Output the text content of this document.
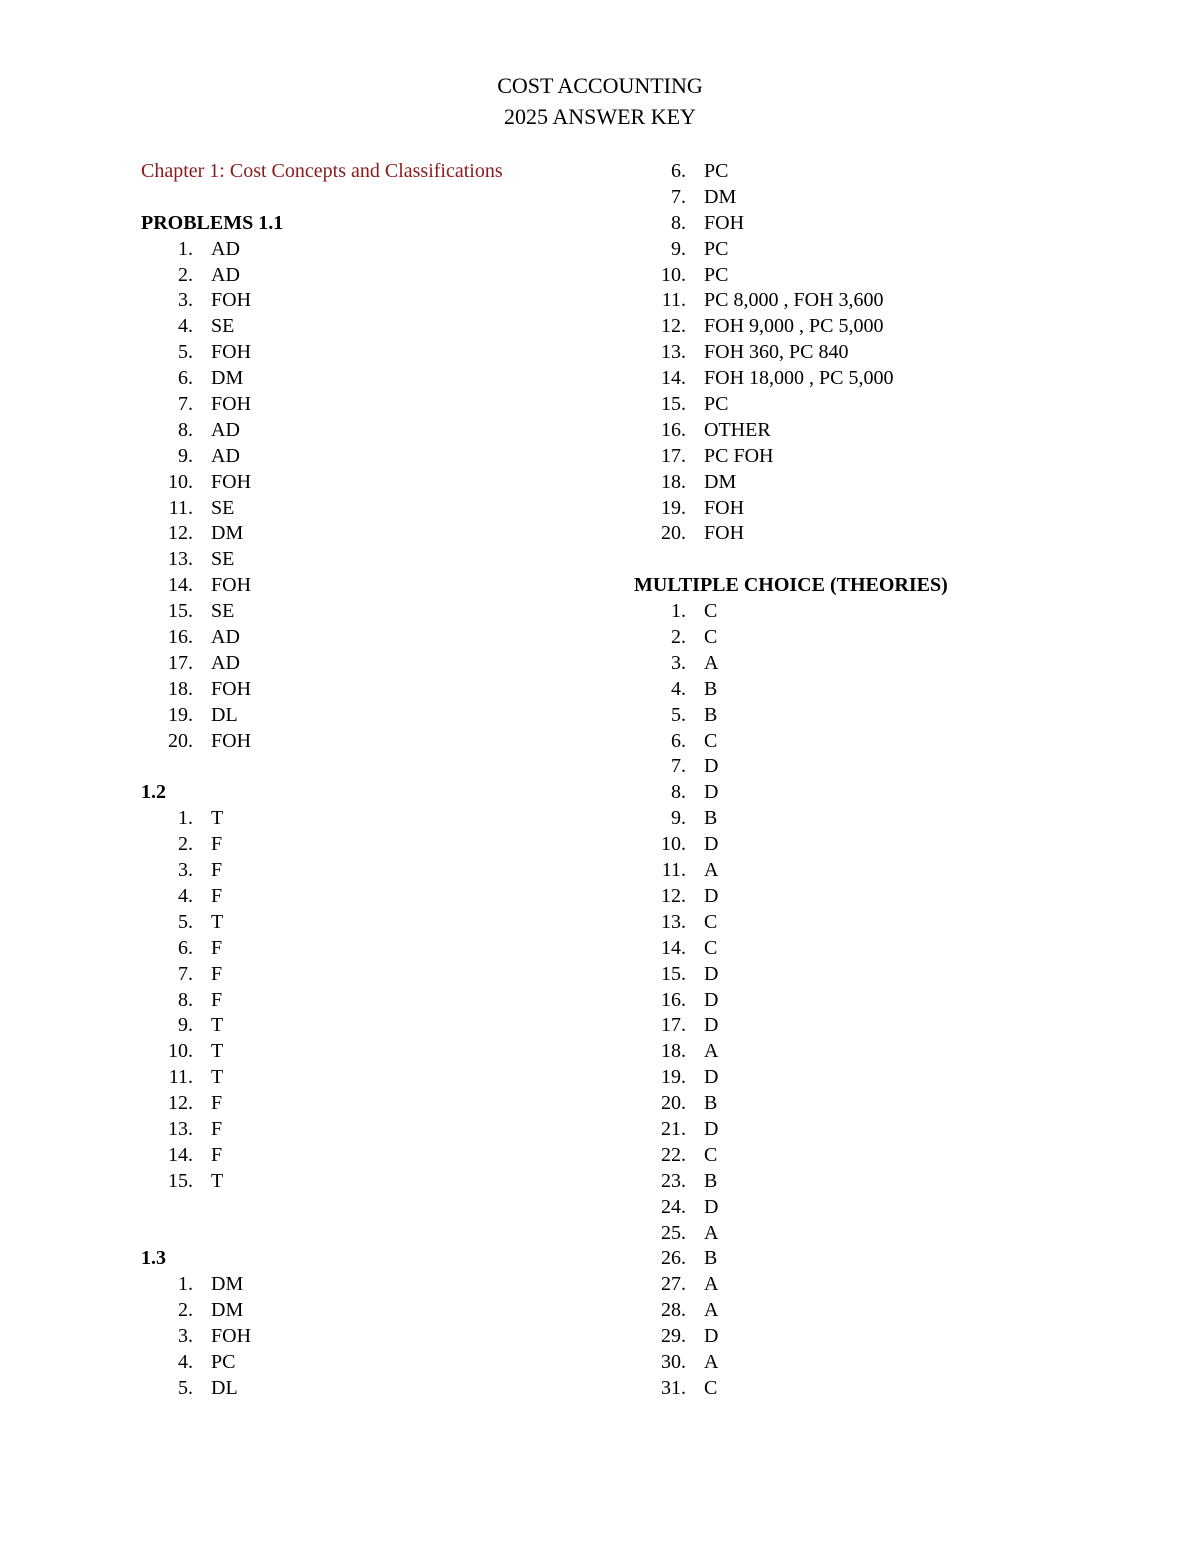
COST ACCOUNTING
2025 ANSWER KEY
Chapter 1: Cost Concepts and Classifications
PROBLEMS 1.1
1. AD
2. AD
3. FOH
4. SE
5. FOH
6. DM
7. FOH
8. AD
9. AD
10. FOH
11. SE
12. DM
13. SE
14. FOH
15. SE
16. AD
17. AD
18. FOH
19. DL
20. FOH
1.2
1. T
2. F
3. F
4. F
5. T
6. F
7. F
8. F
9. T
10. T
11. T
12. F
13. F
14. F
15. T
1.3
1. DM
2. DM
3. FOH
4. PC
5. DL
6. PC
7. DM
8. FOH
9. PC
10. PC
11. PC 8,000 , FOH 3,600
12. FOH 9,000 , PC 5,000
13. FOH 360, PC 840
14. FOH 18,000 , PC 5,000
15. PC
16. OTHER
17. PC FOH
18. DM
19. FOH
20. FOH
MULTIPLE CHOICE (THEORIES)
1. C
2. C
3. A
4. B
5. B
6. C
7. D
8. D
9. B
10. D
11. A
12. D
13. C
14. C
15. D
16. D
17. D
18. A
19. D
20. B
21. D
22. C
23. B
24. D
25. A
26. B
27. A
28. A
29. D
30. A
31. C
